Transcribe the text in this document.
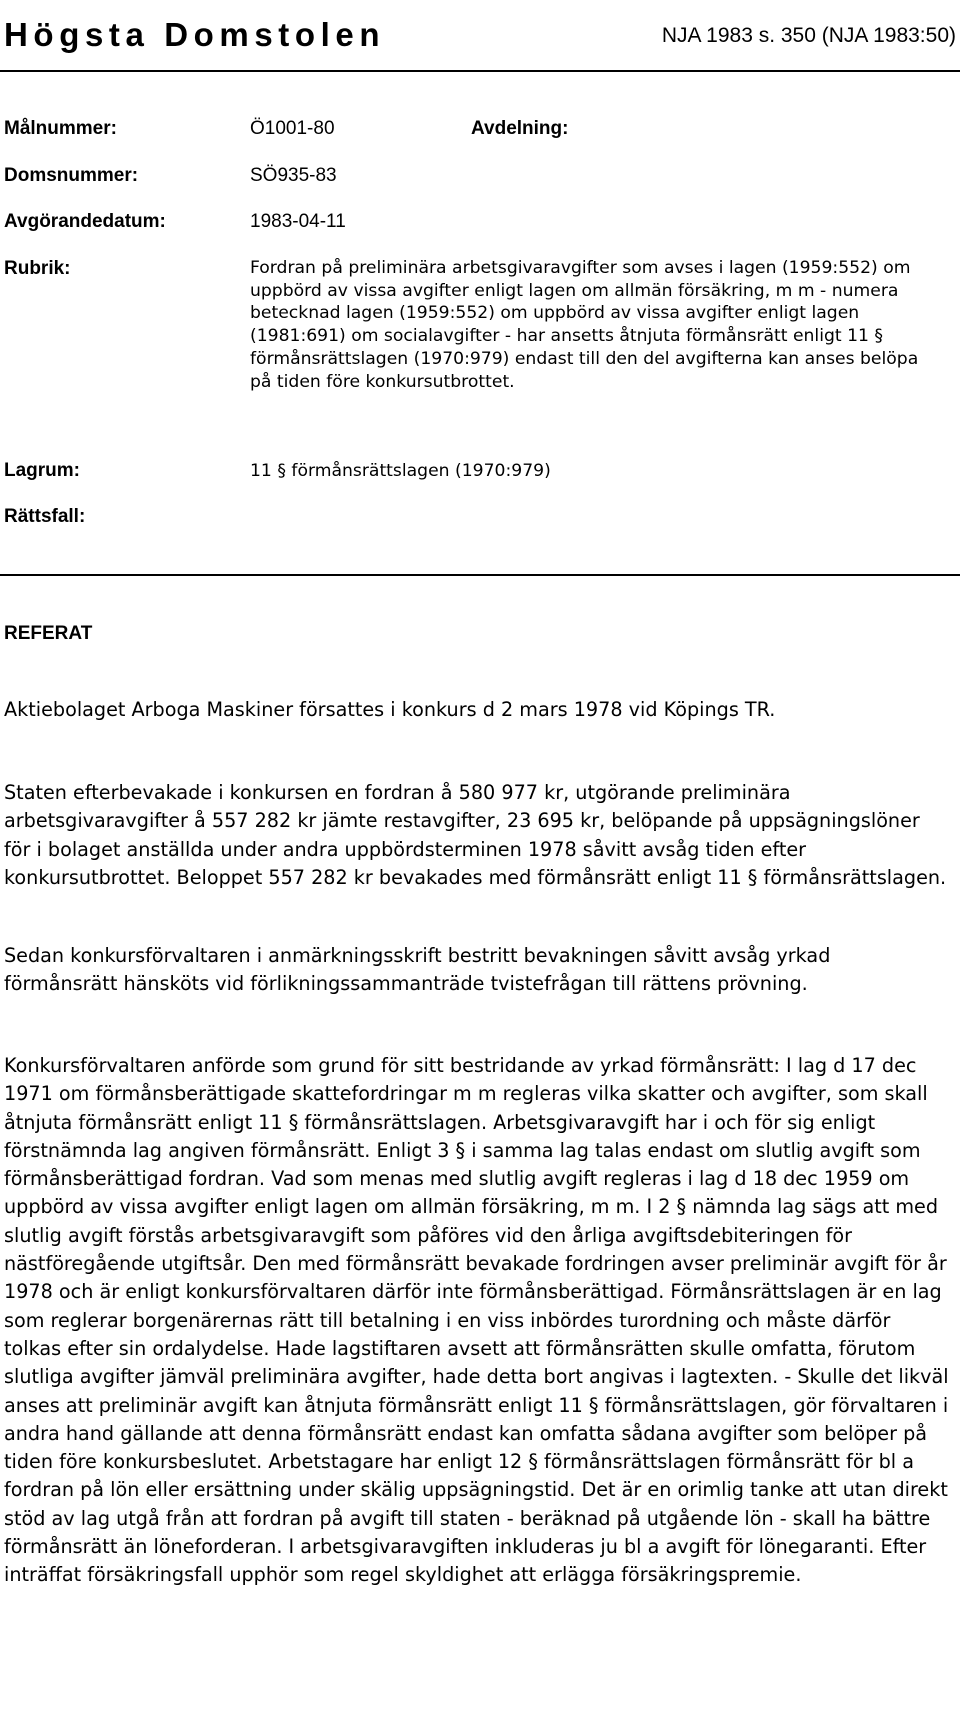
Högsta Domstolen	NJA 1983 s. 350 (NJA 1983:50)
Målnummer:	Ö1001-80	Avdelning:
Domsnummer:	SÖ935-83
Avgörandedatum:	1983-04-11
Rubrik:	Fordran på preliminära arbetsgivaravgifter som avses i lagen (1959:552) om uppbörd av vissa avgifter enligt lagen om allmän försäkring, m m - numera betecknad lagen (1959:552) om uppbörd av vissa avgifter enligt lagen (1981:691) om socialavgifter - har ansetts åtnjuta förmånsrätt enligt 11 § förmånsrättslagen (1970:979) endast till den del avgifterna kan anses belöpa på tiden före konkursutbrottet.
Lagrum:	11 § förmånsrättslagen (1970:979)
Rättsfall:
REFERAT

Aktiebolaget Arboga Maskiner försattes i konkurs d 2 mars 1978 vid Köpings TR.

Staten efterbevakade i konkursen en fordran å 580 977 kr, utgörande preliminära arbetsgivaravgifter å 557 282 kr jämte restavgifter, 23 695 kr, belöpande på uppsägningslöner för i bolaget anställda under andra uppbördsterminen 1978 såvitt avsåg tiden efter konkursutbrottet. Beloppet 557 282 kr bevakades med förmånsrätt enligt 11 § förmånsrättslagen.

Sedan konkursförvaltaren i anmärkningsskrift bestritt bevakningen såvitt avsåg yrkad förmånsrätt hänsköts vid förlikningssammanträde tvistefrågan till rättens prövning.

Konkursförvaltaren anförde som grund för sitt bestridande av yrkad förmånsrätt: I lag d 17 dec 1971 om förmånsberättigade skattefordringar m m regleras vilka skatter och avgifter, som skall åtnjuta förmånsrätt enligt 11 § förmånsrättslagen. Arbetsgivaravgift har i och för sig enligt förstnämnda lag angiven förmånsrätt. Enligt 3 § i samma lag talas endast om slutlig avgift som förmånsberättigad fordran. Vad som menas med slutlig avgift regleras i lag d 18 dec 1959 om uppbörd av vissa avgifter enligt lagen om allmän försäkring, m m. I 2 § nämnda lag sägs att med slutlig avgift förstås arbetsgivaravgift som påföres vid den årliga avgiftsdebiteringen för nästföregående utgiftsår. Den med förmånsrätt bevakade fordringen avser preliminär avgift för år 1978 och är enligt konkursförvaltaren därför inte förmånsberättigad. Förmånsrättslagen är en lag som reglerar borgenärernas rätt till betalning i en viss inbördes turordning och måste därför tolkas efter sin ordalydelse. Hade lagstiftaren avsett att förmånsrätten skulle omfatta, förutom slutliga avgifter jämväl preliminära avgifter, hade detta bort angivas i lagtexten. - Skulle det likväl anses att preliminär avgift kan åtnjuta förmånsrätt enligt 11 § förmånsrättslagen, gör förvaltaren i andra hand gällande att denna förmånsrätt endast kan omfatta sådana avgifter som belöper på tiden före konkursbeslutet. Arbetstagare har enligt 12 § förmånsrättslagen förmånsrätt för bl a fordran på lön eller ersättning under skälig uppsägningstid. Det är en orimlig tanke att utan direkt stöd av lag utgå från att fordran på avgift till staten - beräknad på utgående lön - skall ha bättre förmånsrätt än löneforderan. I arbetsgivaravgiften inkluderas ju bl a avgift för lönegaranti. Efter inträffat försäkringsfall upphör som regel skyldighet att erlägga försäkringspremie.
